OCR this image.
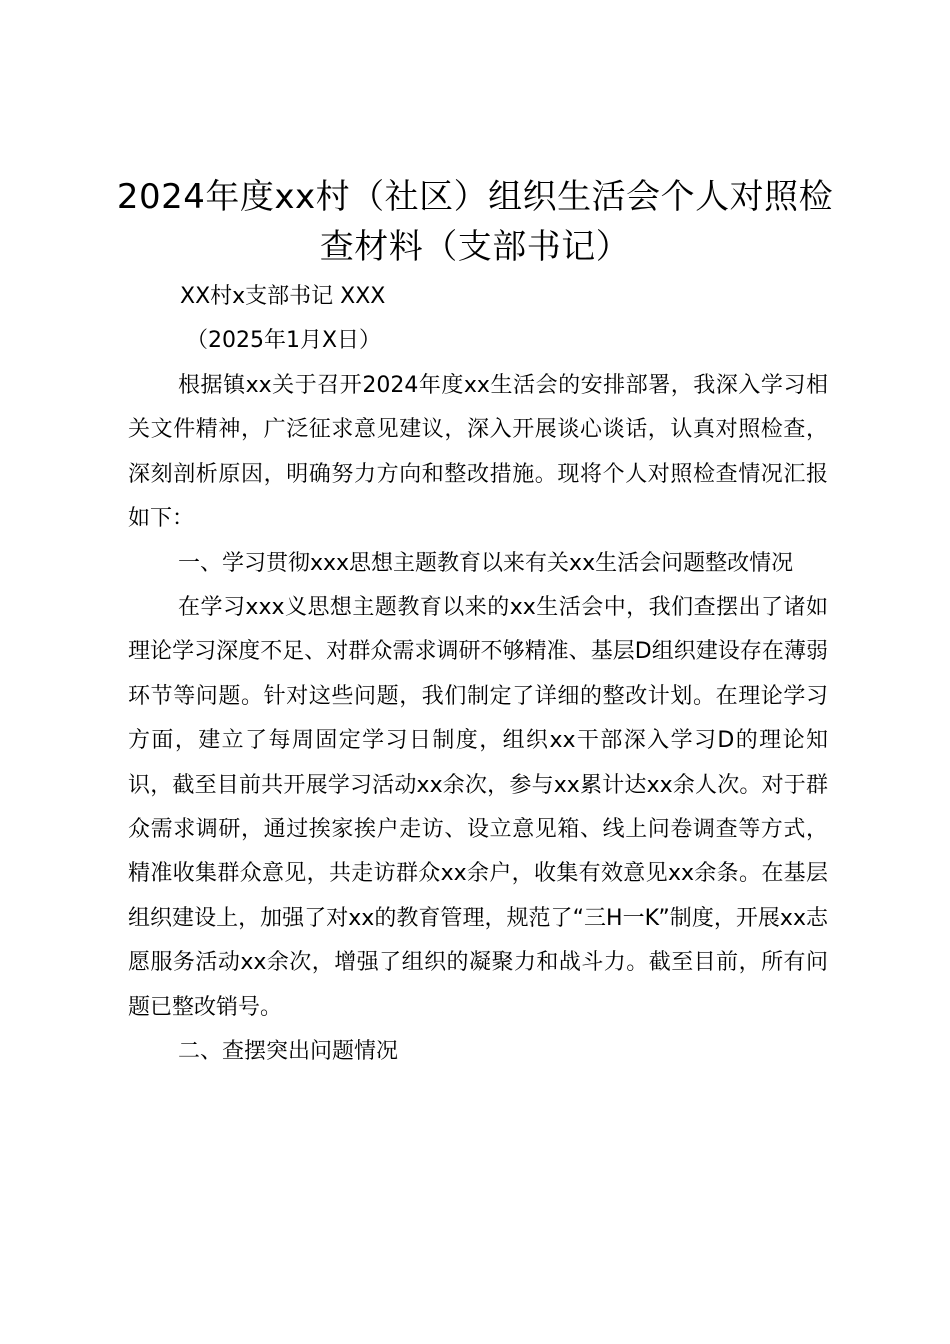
2024年度xx村（社区）组织生活会个人对照检查材料（支部书记）

XX村x支部书记 XXX

（2025年1月X日）

根据镇xx关于召开2024年度xx生活会的安排部署，我深入学习相关文件精神，广泛征求意见建议，深入开展谈心谈话，认真对照检查，深刻剖析原因，明确努力方向和整改措施。现将个人对照检查情况汇报如下：

一、学习贯彻xxx思想主题教育以来有关xx生活会问题整改情况

在学习xxx义思想主题教育以来的xx生活会中，我们查摆出了诸如理论学习深度不足、对群众需求调研不够精准、基层D组织建设存在薄弱环节等问题。针对这些问题，我们制定了详细的整改计划。在理论学习方面，建立了每周固定学习日制度，组织xx干部深入学习D的理论知识，截至目前共开展学习活动xx余次，参与xx累计达xx余人次。对于群众需求调研，通过挨家挨户走访、设立意见箱、线上问卷调查等方式，精准收集群众意见，共走访群众xx余户，收集有效意见xx余条。在基层组织建设上，加强了对xx的教育管理，规范了“三H一K”制度，开展xx志愿服务活动xx余次，增强了组织的凝聚力和战斗力。截至目前，所有问题已整改销号。

二、查摆突出问题情况
